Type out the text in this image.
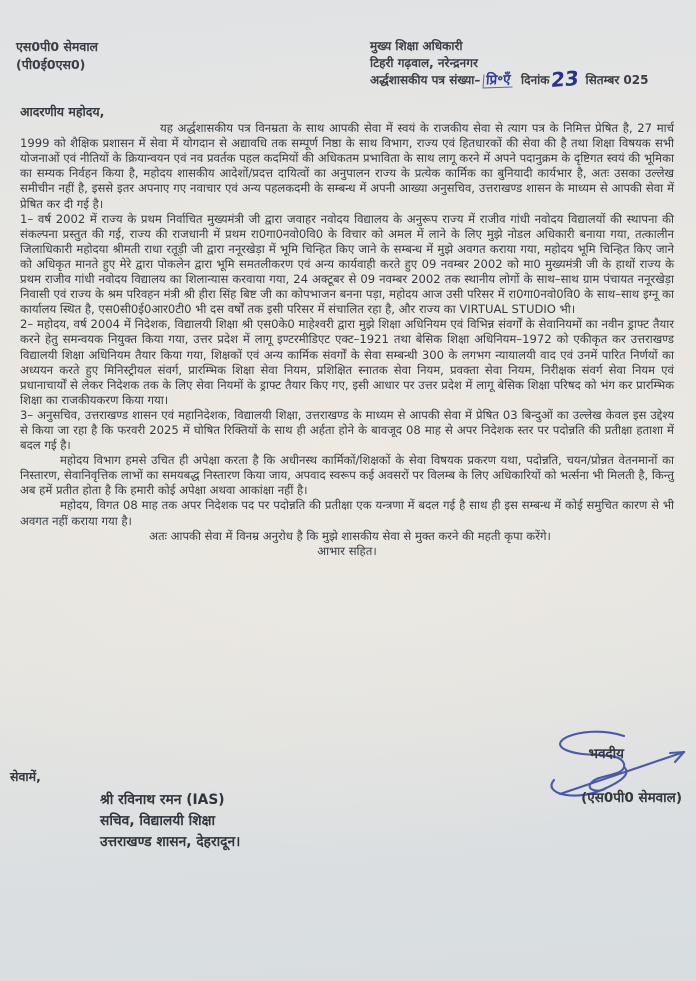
एस0पी0 सेमवाल
(पी0ई0एस0)
मुख्य शिक्षा अधिकारी
टिहरी गढ़वाल, नरेन्द्रनगर
अर्द्धशासकीय पत्र संख्या– प्रि॰एँ दिनांक23 सितम्बर 025

आदरणीय महोदय,

यह अर्द्धशासकीय पत्र विनम्रता के साथ आपकी सेवा में स्वयं के राजकीय सेवा से त्याग पत्र के निमित्त प्रेषित है, 27 मार्च 1999 को शैक्षिक प्रशासन में सेवा में योगदान से अद्यावधि तक सम्पूर्ण निष्ठा के साथ विभाग, राज्य एवं हितधारकों की सेवा की है तथा शिक्षा विषयक सभी योजनाओं एवं नीतियों के क्रियान्वयन एवं नव प्रवर्तक पहल कदमियों की अधिकतम प्रभाविता के साथ लागू करने में अपने पदानुक्रम के दृष्टिगत स्वयं की भूमिका का सम्यक निर्वहन किया है, महोदय शासकीय आदेशों/प्रदत्त दायित्वों का अनुपालन राज्य के प्रत्येक कार्मिक का बुनियादी कार्यभार है, अतः उसका उल्लेख समीचीन नहीं है, इससे इतर अपनाए गए नवाचार एवं अन्य पहलकदमी के सम्बन्ध में अपनी आख्या अनुसचिव, उत्तराखण्ड शासन के माध्यम से आपकी सेवा में प्रेषित कर दी गई है।

1– वर्ष 2002 में राज्य के प्रथम निर्वाचित मुख्यमंत्री जी द्वारा जवाहर नवोदय विद्यालय के अनुरूप राज्य में राजीव गांधी नवोदय विद्यालयों की स्थापना की संकल्पना प्रस्तुत की गई, राज्य की राजधानी में प्रथम रा0गा0नवो0वि0 के विचार को अमल में लाने के लिए मुझे नोडल अधिकारी बनाया गया, तत्कालीन जिलाधिकारी महोदया श्रीमती राधा रतूड़ी जी द्वारा ननूरखेड़ा में भूमि चिन्हित किए जाने के सम्बन्ध में मुझे अवगत कराया गया, महोदय भूमि चिन्हित किए जाने को अधिकृत मानते हुए मेरे द्वारा पोकलेन द्वारा भूमि समतलीकरण एवं अन्य कार्यवाही करते हुए 09 नवम्बर 2002 को मा0 मुख्यमंत्री जी के हाथों राज्य के प्रथम राजीव गांधी नवोदय विद्यालय का शिलान्यास करवाया गया, 24 अक्टूबर से 09 नवम्बर 2002 तक स्थानीय लोगों के साथ–साथ ग्राम पंचायत ननूरखेड़ा निवासी एवं राज्य के श्रम परिवहन मंत्री श्री हीरा सिंह बिष्ट जी का कोपभाजन बनना पड़ा, महोदय आज उसी परिसर में रा0गा0नवो0वि0 के साथ–साथ इग्नू का कार्यालय स्थित है, एस0सी0ई0आर0टी0 भी दस वर्षों तक इसी परिसर में संचालित रहा है, और राज्य का VIRTUAL STUDIO भी।

2– महोदय, वर्ष 2004 में निदेशक, विद्यालयी शिक्षा श्री एस0के0 माहेश्वरी द्वारा मुझे शिक्षा अधिनियम एवं विभिन्न संवर्गों के सेवानियमों का नवीन ड्राफ्ट तैयार करने हेतु समन्वयक नियुक्त किया गया, उत्तर प्रदेश में लागू इण्टरमीडिएट एक्ट–1921 तथा बेसिक शिक्षा अधिनियम–1972 को एकीकृत कर उत्तराखण्ड विद्यालयी शिक्षा अधिनियम तैयार किया गया, शिक्षकों एवं अन्य कार्मिक संवर्गों के सेवा सम्बन्धी 300 के लगभग न्यायालयी वाद एवं उनमें पारित निर्णयों का अध्ययन करते हुए मिनिस्ट्रीयल संवर्ग, प्रारम्भिक शिक्षा सेवा नियम, प्रशिक्षित स्नातक सेवा नियम, प्रवक्ता सेवा नियम, निरीक्षक संवर्ग सेवा नियम एवं प्रधानाचार्यों से लेकर निदेशक तक के लिए सेवा नियमों के ड्राफ्ट तैयार किए गए, इसी आधार पर उत्तर प्रदेश में लागू बेसिक शिक्षा परिषद को भंग कर प्रारम्भिक शिक्षा का राजकीयकरण किया गया।

3– अनुसचिव, उत्तराखण्ड शासन एवं महानिदेशक, विद्यालयी शिक्षा, उत्तराखण्ड के माध्यम से आपकी सेवा में प्रेषित 03 बिन्दुओं का उल्लेख केवल इस उद्देश्य से किया जा रहा है कि फरवरी 2025 में घोषित रिक्तियों के साथ ही अर्हता होने के बावजूद 08 माह से अपर निदेशक स्तर पर पदोन्नति की प्रतीक्षा हताशा में बदल गई है।

महोदय विभाग हमसे उचित ही अपेक्षा करता है कि अधीनस्थ कार्मिकों/शिक्षकों के सेवा विषयक प्रकरण यथा, पदोन्नति, चयन/प्रोन्नत वेतनमानों का निस्तारण, सेवानिवृत्तिक लाभों का समयबद्ध निस्तारण किया जाय, अपवाद स्वरूप कई अवसरों पर विलम्ब के लिए अधिकारियों को भर्त्सना भी मिलती है, किन्तु अब हमें प्रतीत होता है कि हमारी कोई अपेक्षा अथवा आकांक्षा नहीं है।

महोदय, विगत 08 माह तक अपर निदेशक पद पर पदोन्नति की प्रतीक्षा एक यन्त्रणा में बदल गई है साथ ही इस सम्बन्ध में कोई समुचित कारण से भी अवगत नहीं कराया गया है।

अतः आपकी सेवा में विनम्र अनुरोध है कि मुझे शासकीय सेवा से मुक्त करने की महती कृपा करेंगे।

आभार सहित।

भवदीय
(एस0पी0 सेमवाल)

सेवामें,

श्री रविनाथ रमन (IAS)
सचिव, विद्यालयी शिक्षा
उत्तराखण्ड शासन, देहरादून।
